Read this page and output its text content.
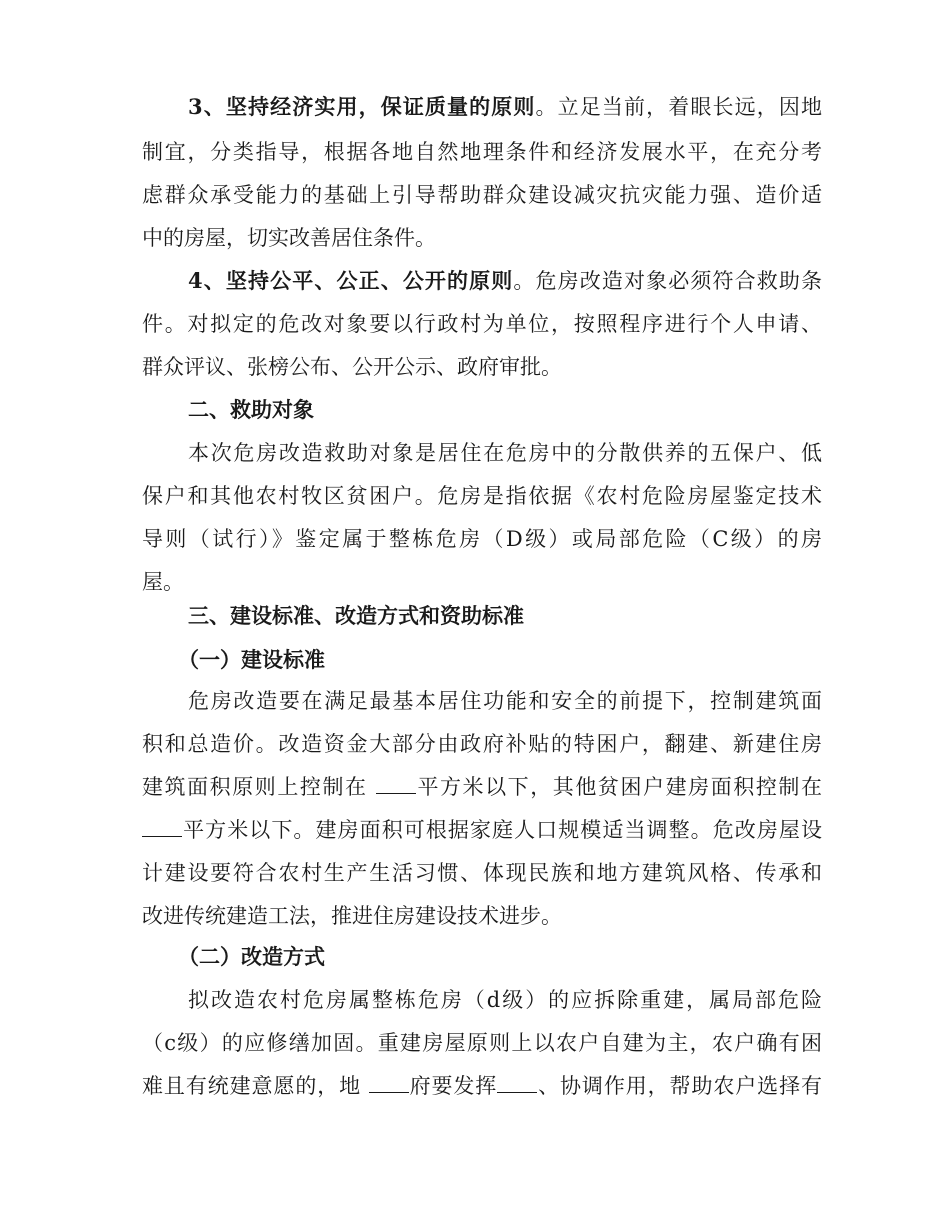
3、坚持经济实用，保证质量的原则。立足当前，着眼长远，因地
制宜，分类指导，根据各地自然地理条件和经济发展水平，在充分考
虑群众承受能力的基础上引导帮助群众建设减灾抗灾能力强、造价适
中的房屋，切实改善居住条件。
4、坚持公平、公正、公开的原则。危房改造对象必须符合救助条
件。对拟定的危改对象要以行政村为单位，按照程序进行个人申请、
群众评议、张榜公布、公开公示、政府审批。
二、救助对象
本次危房改造救助对象是居住在危房中的分散供养的五保户、低
保户和其他农村牧区贫困户。危房是指依据《农村危险房屋鉴定技术
导则（试行）》鉴定属于整栋危房（D级）或局部危险（C级）的房
屋。
三、建设标准、改造方式和资助标准
（一）建设标准
危房改造要在满足最基本居住功能和安全的前提下，控制建筑面
积和总造价。改造资金大部分由政府补贴的特困户，翻建、新建住房
建筑面积原则上控制在 平方米以下，其他贫困户建房面积控制在
平方米以下。建房面积可根据家庭人口规模适当调整。危改房屋设
计建设要符合农村生产生活习惯、体现民族和地方建筑风格、传承和
改进传统建造工法，推进住房建设技术进步。
（二）改造方式
拟改造农村危房属整栋危房（d级）的应拆除重建，属局部危险
（c级）的应修缮加固。重建房屋原则上以农户自建为主，农户确有困
难且有统建意愿的，地 府要发挥 、协调作用，帮助农户选择有
